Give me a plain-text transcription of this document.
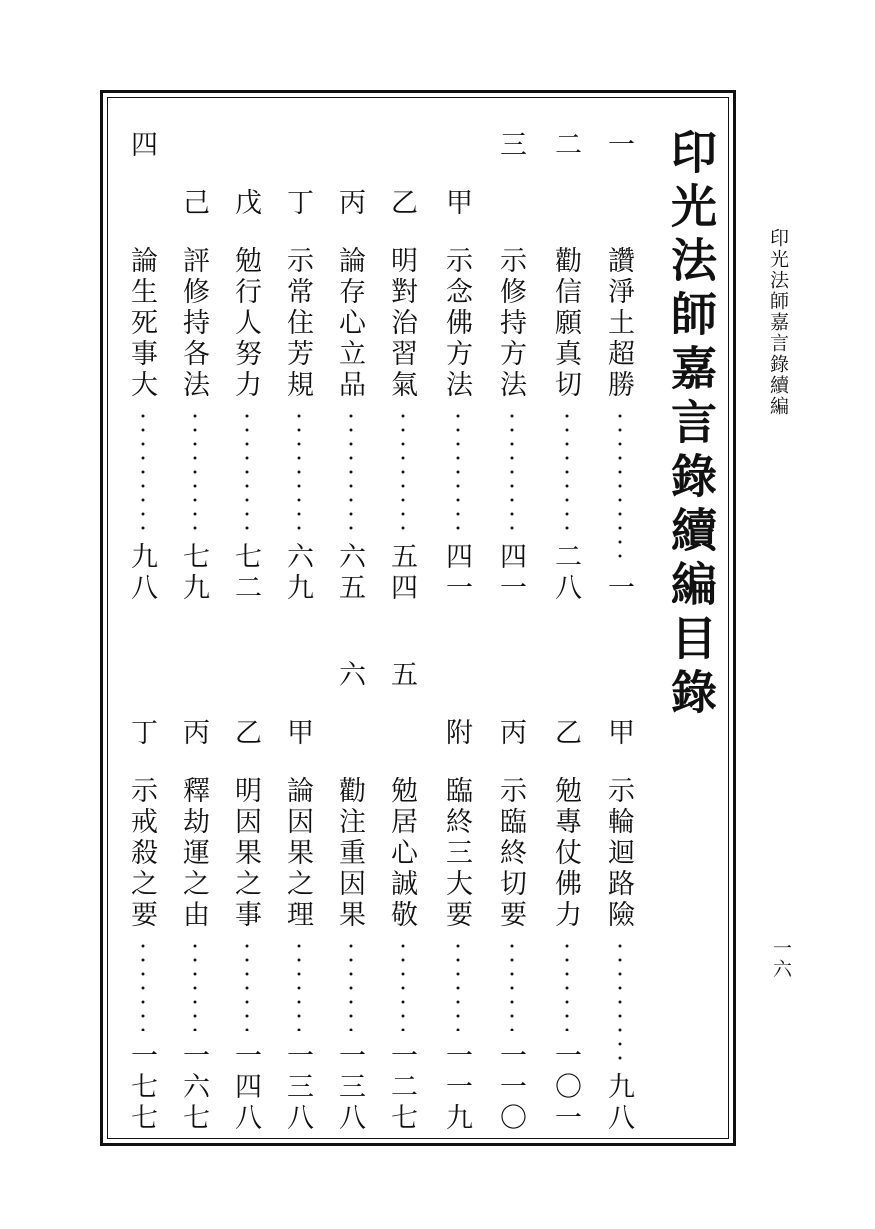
印光法師嘉言錄續編目錄	印光法師嘉言錄續編
一六
一
讚淨土超勝
一
二
勸信願真切
二八
三
示修持方法
四一
甲
示念佛方法
四一
乙
明對治習氣
五四
丙
論存心立品
六五
丁
示常住芳規
六九
戊
勉行人努力
七二
己
評修持各法
七九
四
論生死事大
九八
甲
示輪迴路險
九八
乙
勉專仗佛力
一〇一
丙
示臨終切要
一一〇
附
臨終三大要
一一九
五
勉居心誠敬
一二七
六
勸注重因果
一三八
甲
論因果之理
一三八
乙
明因果之事
一四八
丙
釋劫運之由
一六七
丁
示戒殺之要
一七七
